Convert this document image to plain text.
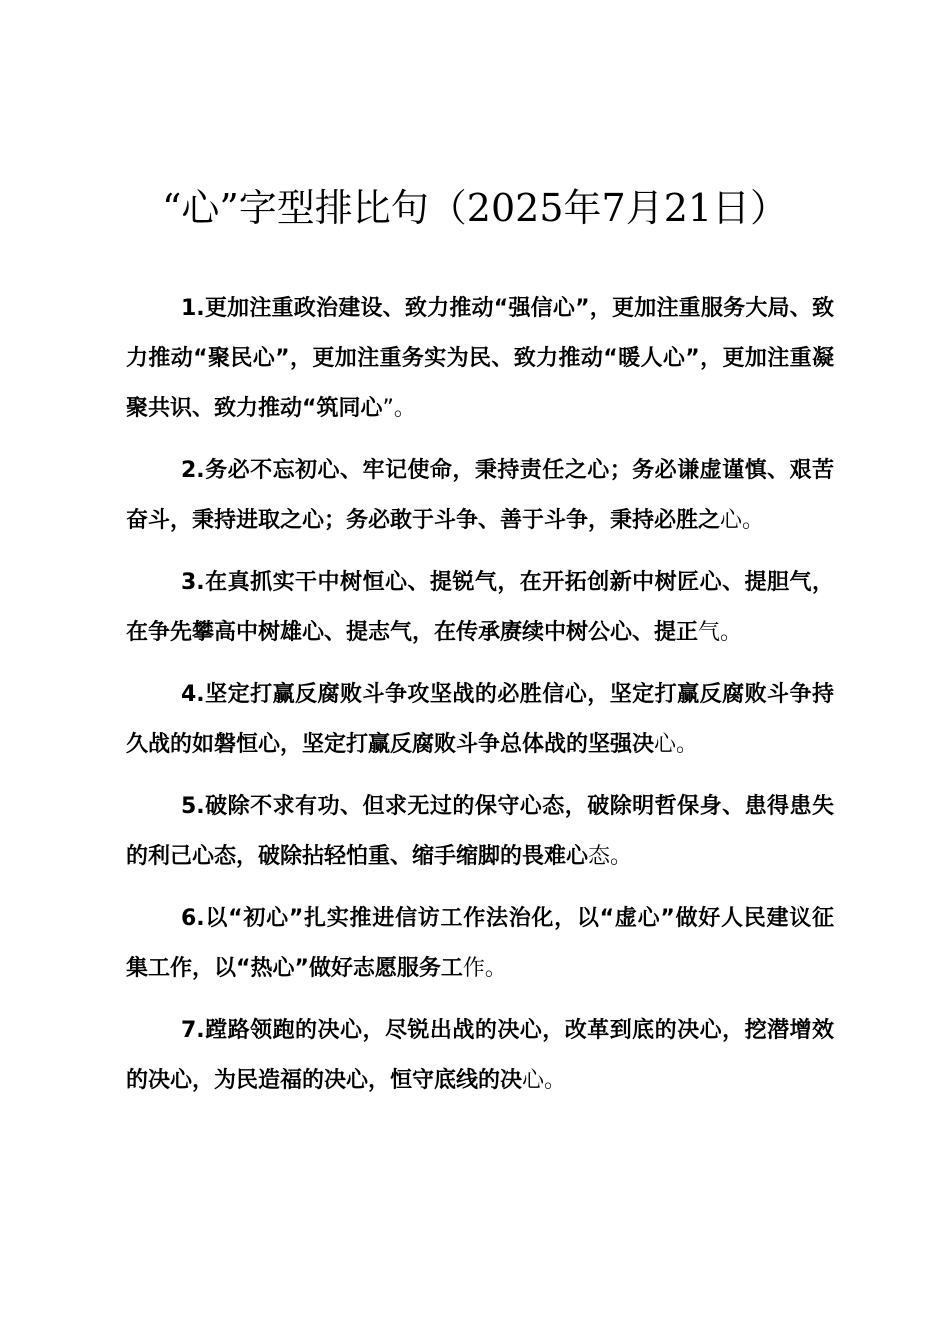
“心”字型排比句（2025年7月21日）

1.更加注重政治建设、致力推动“强信心”，更加注重服务大局、致力推动“聚民心”，更加注重务实为民、致力推动“暖人心”，更加注重凝聚共识、致力推动“筑同心”。

2.务必不忘初心、牢记使命，秉持责任之心；务必谦虚谨慎、艰苦奋斗，秉持进取之心；务必敢于斗争、善于斗争，秉持必胜之心。

3.在真抓实干中树恒心、提锐气，在开拓创新中树匠心、提胆气，在争先攀高中树雄心、提志气，在传承赓续中树公心、提正气。

4.坚定打赢反腐败斗争攻坚战的必胜信心，坚定打赢反腐败斗争持久战的如磐恒心，坚定打赢反腐败斗争总体战的坚强决心。

5.破除不求有功、但求无过的保守心态，破除明哲保身、患得患失的利己心态，破除拈轻怕重、缩手缩脚的畏难心态。

6.以“初心”扎实推进信访工作法治化，以“虚心”做好人民建议征集工作，以“热心”做好志愿服务工作。

7.蹚路领跑的决心，尽锐出战的决心，改革到底的决心，挖潜增效的决心，为民造福的决心，恒守底线的决心。
